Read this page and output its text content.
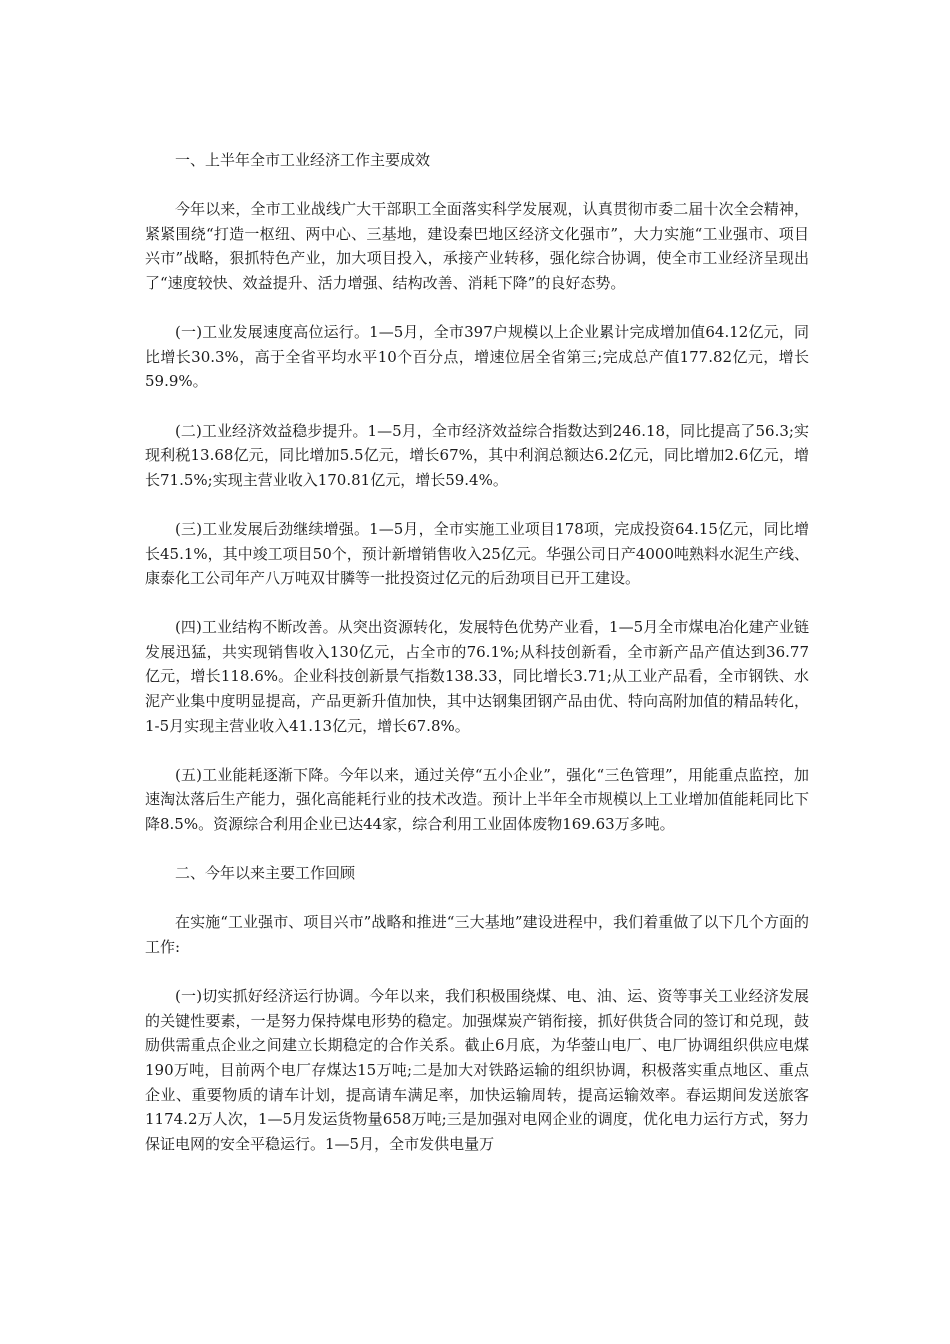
一、上半年全市工业经济工作主要成效

今年以来，全市工业战线广大干部职工全面落实科学发展观，认真贯彻市委二届十次全会精神，紧紧围绕“打造一枢纽、两中心、三基地，建设秦巴地区经济文化强市”，大力实施“工业强市、项目兴市”战略，狠抓特色产业，加大项目投入，承接产业转移，强化综合协调，使全市工业经济呈现出了“速度较快、效益提升、活力增强、结构改善、消耗下降”的良好态势。

(一)工业发展速度高位运行。1—5月，全市397户规模以上企业累计完成增加值64.12亿元，同比增长30.3%，高于全省平均水平10个百分点，增速位居全省第三;完成总产值177.82亿元，增长59.9%。

(二)工业经济效益稳步提升。1—5月，全市经济效益综合指数达到246.18，同比提高了56.3;实现利税13.68亿元，同比增加5.5亿元，增长67%，其中利润总额达6.2亿元，同比增加2.6亿元，增长71.5%;实现主营业收入170.81亿元，增长59.4%。

(三)工业发展后劲继续增强。1—5月，全市实施工业项目178项，完成投资64.15亿元，同比增长45.1%，其中竣工项目50个，预计新增销售收入25亿元。华强公司日产4000吨熟料水泥生产线、康泰化工公司年产八万吨双甘膦等一批投资过亿元的后劲项目已开工建设。

(四)工业结构不断改善。从突出资源转化，发展特色优势产业看，1—5月全市煤电冶化建产业链发展迅猛，共实现销售收入130亿元，占全市的76.1%;从科技创新看，全市新产品产值达到36.77亿元，增长118.6%。企业科技创新景气指数138.33，同比增长3.71;从工业产品看，全市钢铁、水泥产业集中度明显提高，产品更新升值加快，其中达钢集团钢产品由优、特向高附加值的精品转化，1-5月实现主营业收入41.13亿元，增长67.8%。

(五)工业能耗逐渐下降。今年以来，通过关停“五小企业”，强化“三色管理”，用能重点监控，加速淘汰落后生产能力，强化高能耗行业的技术改造。预计上半年全市规模以上工业增加值能耗同比下降8.5%。资源综合利用企业已达44家，综合利用工业固体废物169.63万多吨。

二、今年以来主要工作回顾

在实施“工业强市、项目兴市”战略和推进“三大基地”建设进程中，我们着重做了以下几个方面的工作:

(一)切实抓好经济运行协调。今年以来，我们积极围绕煤、电、油、运、资等事关工业经济发展的关键性要素，一是努力保持煤电形势的稳定。加强煤炭产销衔接，抓好供货合同的签订和兑现，鼓励供需重点企业之间建立长期稳定的合作关系。截止6月底，为华蓥山电厂、电厂协调组织供应电煤190万吨，目前两个电厂存煤达15万吨;二是加大对铁路运输的组织协调，积极落实重点地区、重点企业、重要物质的请车计划，提高请车满足率，加快运输周转，提高运输效率。春运期间发送旅客1174.2万人次，1—5月发运货物量658万吨;三是加强对电网企业的调度，优化电力运行方式，努力保证电网的安全平稳运行。1—5月，全市发供电量万
